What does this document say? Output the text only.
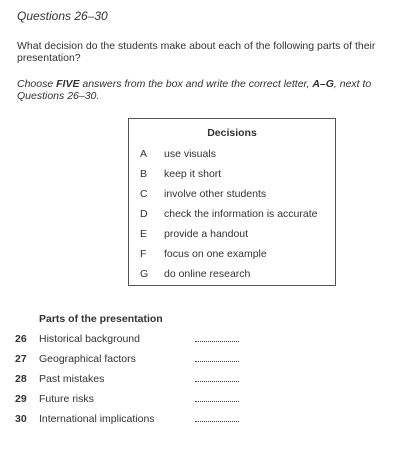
Questions 26–30
What decision do the students make about each of the following parts of their presentation?
Choose FIVE answers from the box and write the correct letter, A–G, next to Questions 26–30.
Decisions
A use visuals
B keep it short
C involve other students
D check the information is accurate
E provide a handout
F	focus on one example
G do online research
Parts of the presentation
26 Historical background
27 Geographical factors
28 Past mistakes
29 Future risks
30 International implications
